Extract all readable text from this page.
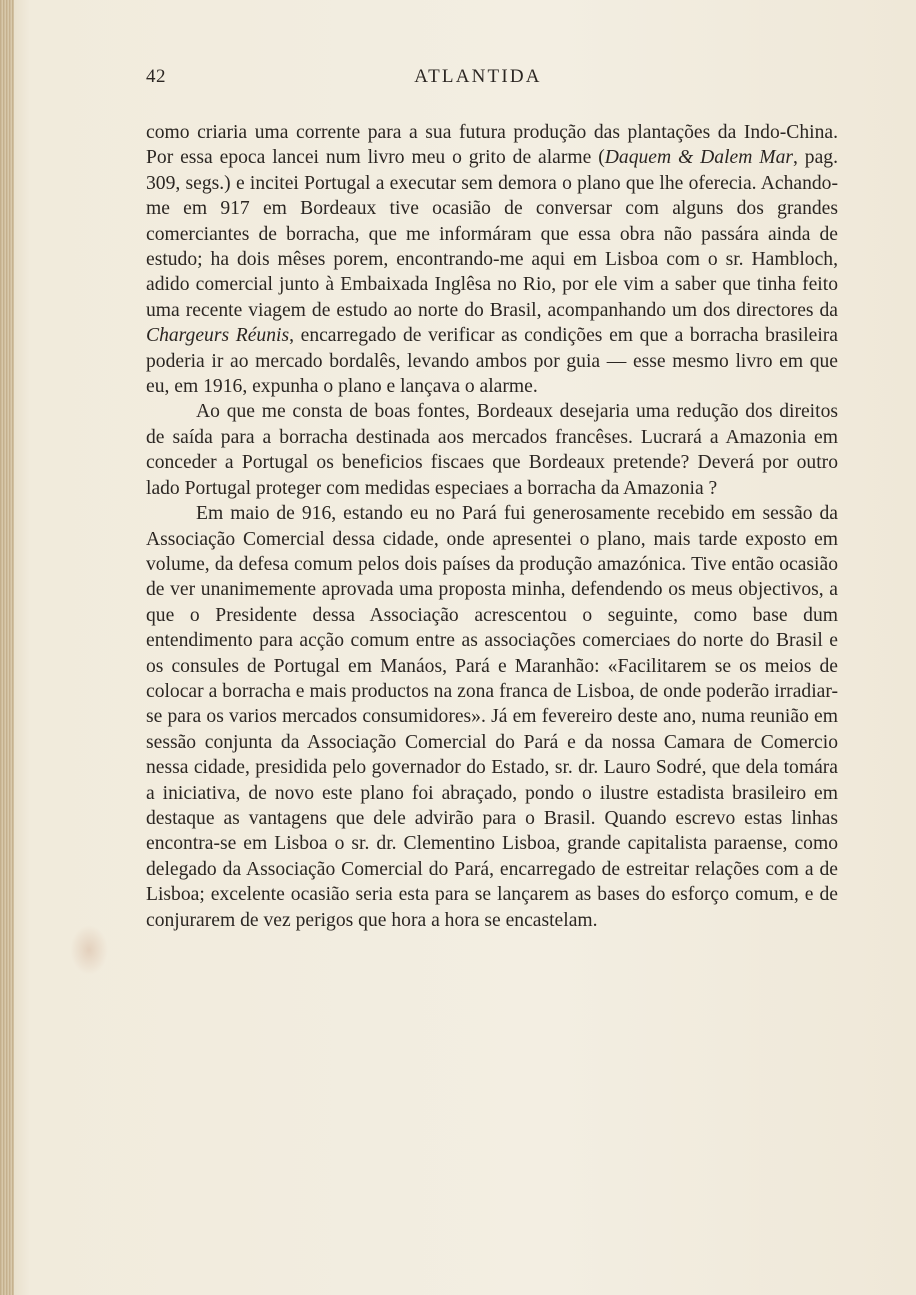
42	ATLANTIDA

como criaria uma corrente para a sua futura produção das plantações da Indo-China. Por essa epoca lancei num livro meu o grito de alarme (Daquem & Dalem Mar, pag. 309, segs.) e incitei Portugal a executar sem demora o plano que lhe oferecia. Achando-me em 917 em Bordeaux tive ocasião de conversar com alguns dos grandes comerciantes de borracha, que me informáram que essa obra não passára ainda de estudo; ha dois mêses porem, encontrando-me aqui em Lisboa com o sr. Hambloch, adido comercial junto à Embaixada Inglêsa no Rio, por ele vim a saber que tinha feito uma recente viagem de estudo ao norte do Brasil, acompanhando um dos directores da Chargeurs Réunis, encarregado de verificar as condições em que a borracha brasileira poderia ir ao mercado bordalês, levando ambos por guia — esse mesmo livro em que eu, em 1916, expunha o plano e lançava o alarme.

Ao que me consta de boas fontes, Bordeaux desejaria uma redução dos direitos de saída para a borracha destinada aos mercados francêses. Lucrará a Amazonia em conceder a Portugal os beneficios fiscaes que Bordeaux pretende? Deverá por outro lado Portugal proteger com medidas especiaes a borracha da Amazonia ?

Em maio de 916, estando eu no Pará fui generosamente recebido em sessão da Associação Comercial dessa cidade, onde apresentei o plano, mais tarde exposto em volume, da defesa comum pelos dois países da produção amazónica. Tive então ocasião de ver unanimemente aprovada uma proposta minha, defendendo os meus objectivos, a que o Presidente dessa Associação acrescentou o seguinte, como base dum entendimento para acção comum entre as associações comerciaes do norte do Brasil e os consules de Portugal em Manáos, Pará e Maranhão: «Facilitarem se os meios de colocar a borracha e mais productos na zona franca de Lisboa, de onde poderão irradiar-se para os varios mercados consumidores». Já em fevereiro deste ano, numa reunião em sessão conjunta da Associação Comercial do Pará e da nossa Camara de Comercio nessa cidade, presidida pelo governador do Estado, sr. dr. Lauro Sodré, que dela tomára a iniciativa, de novo este plano foi abraçado, pondo o ilustre estadista brasileiro em destaque as vantagens que dele advirão para o Brasil. Quando escrevo estas linhas encontra-se em Lisboa o sr. dr. Clementino Lisboa, grande capitalista paraense, como delegado da Associação Comercial do Pará, encarregado de estreitar relações com a de Lisboa; excelente ocasião seria esta para se lançarem as bases do esforço comum, e de conjurarem de vez perigos que hora a hora se encastelam.
